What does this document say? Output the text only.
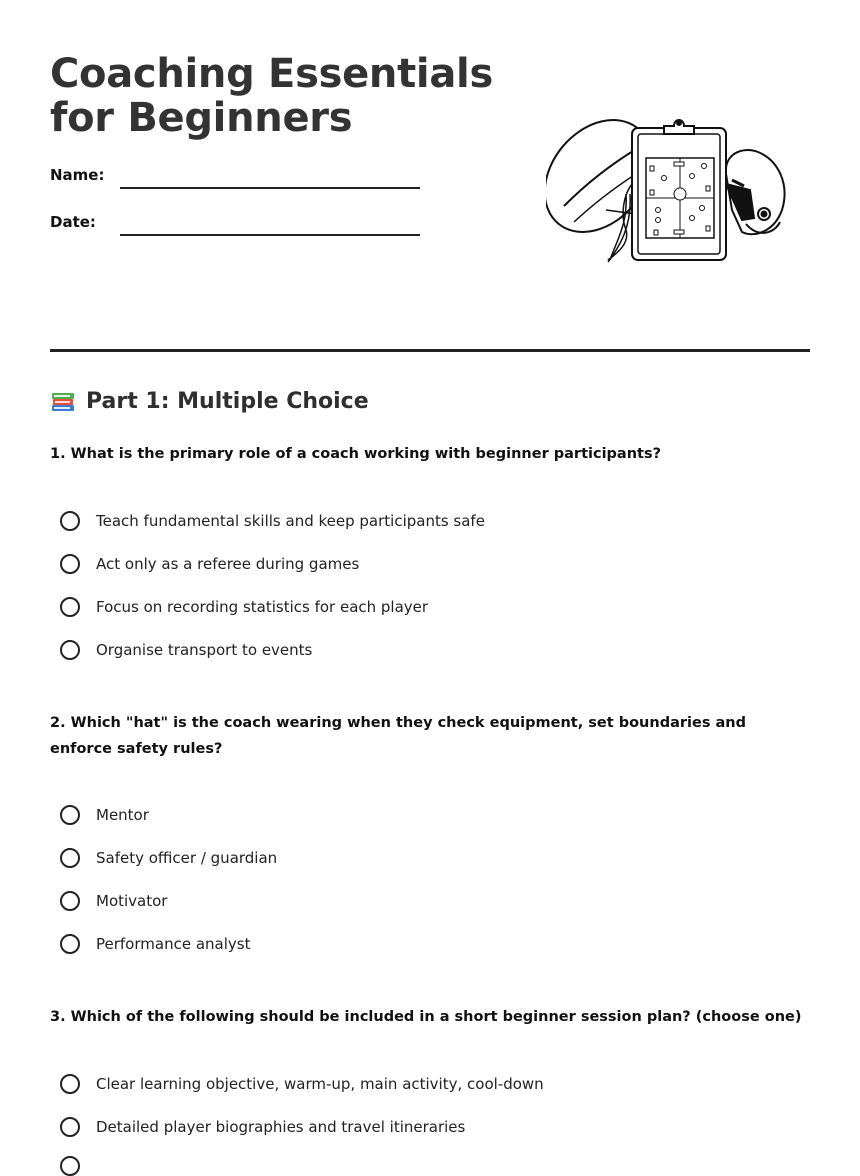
Coaching Essentials for Beginners
Name:
Date:
Part 1: Multiple Choice

1. What is the primary role of a coach working with beginner participants?

Teach fundamental skills and keep participants safe
Act only as a referee during games
Focus on recording statistics for each player
Organise transport to events

2. Which "hat" is the coach wearing when they check equipment, set boundaries and enforce safety rules?

Mentor
Safety officer / guardian
Motivator
Performance analyst

3. Which of the following should be included in a short beginner session plan? (choose one)

Clear learning objective, warm-up, main activity, cool-down
Detailed player biographies and travel itineraries
